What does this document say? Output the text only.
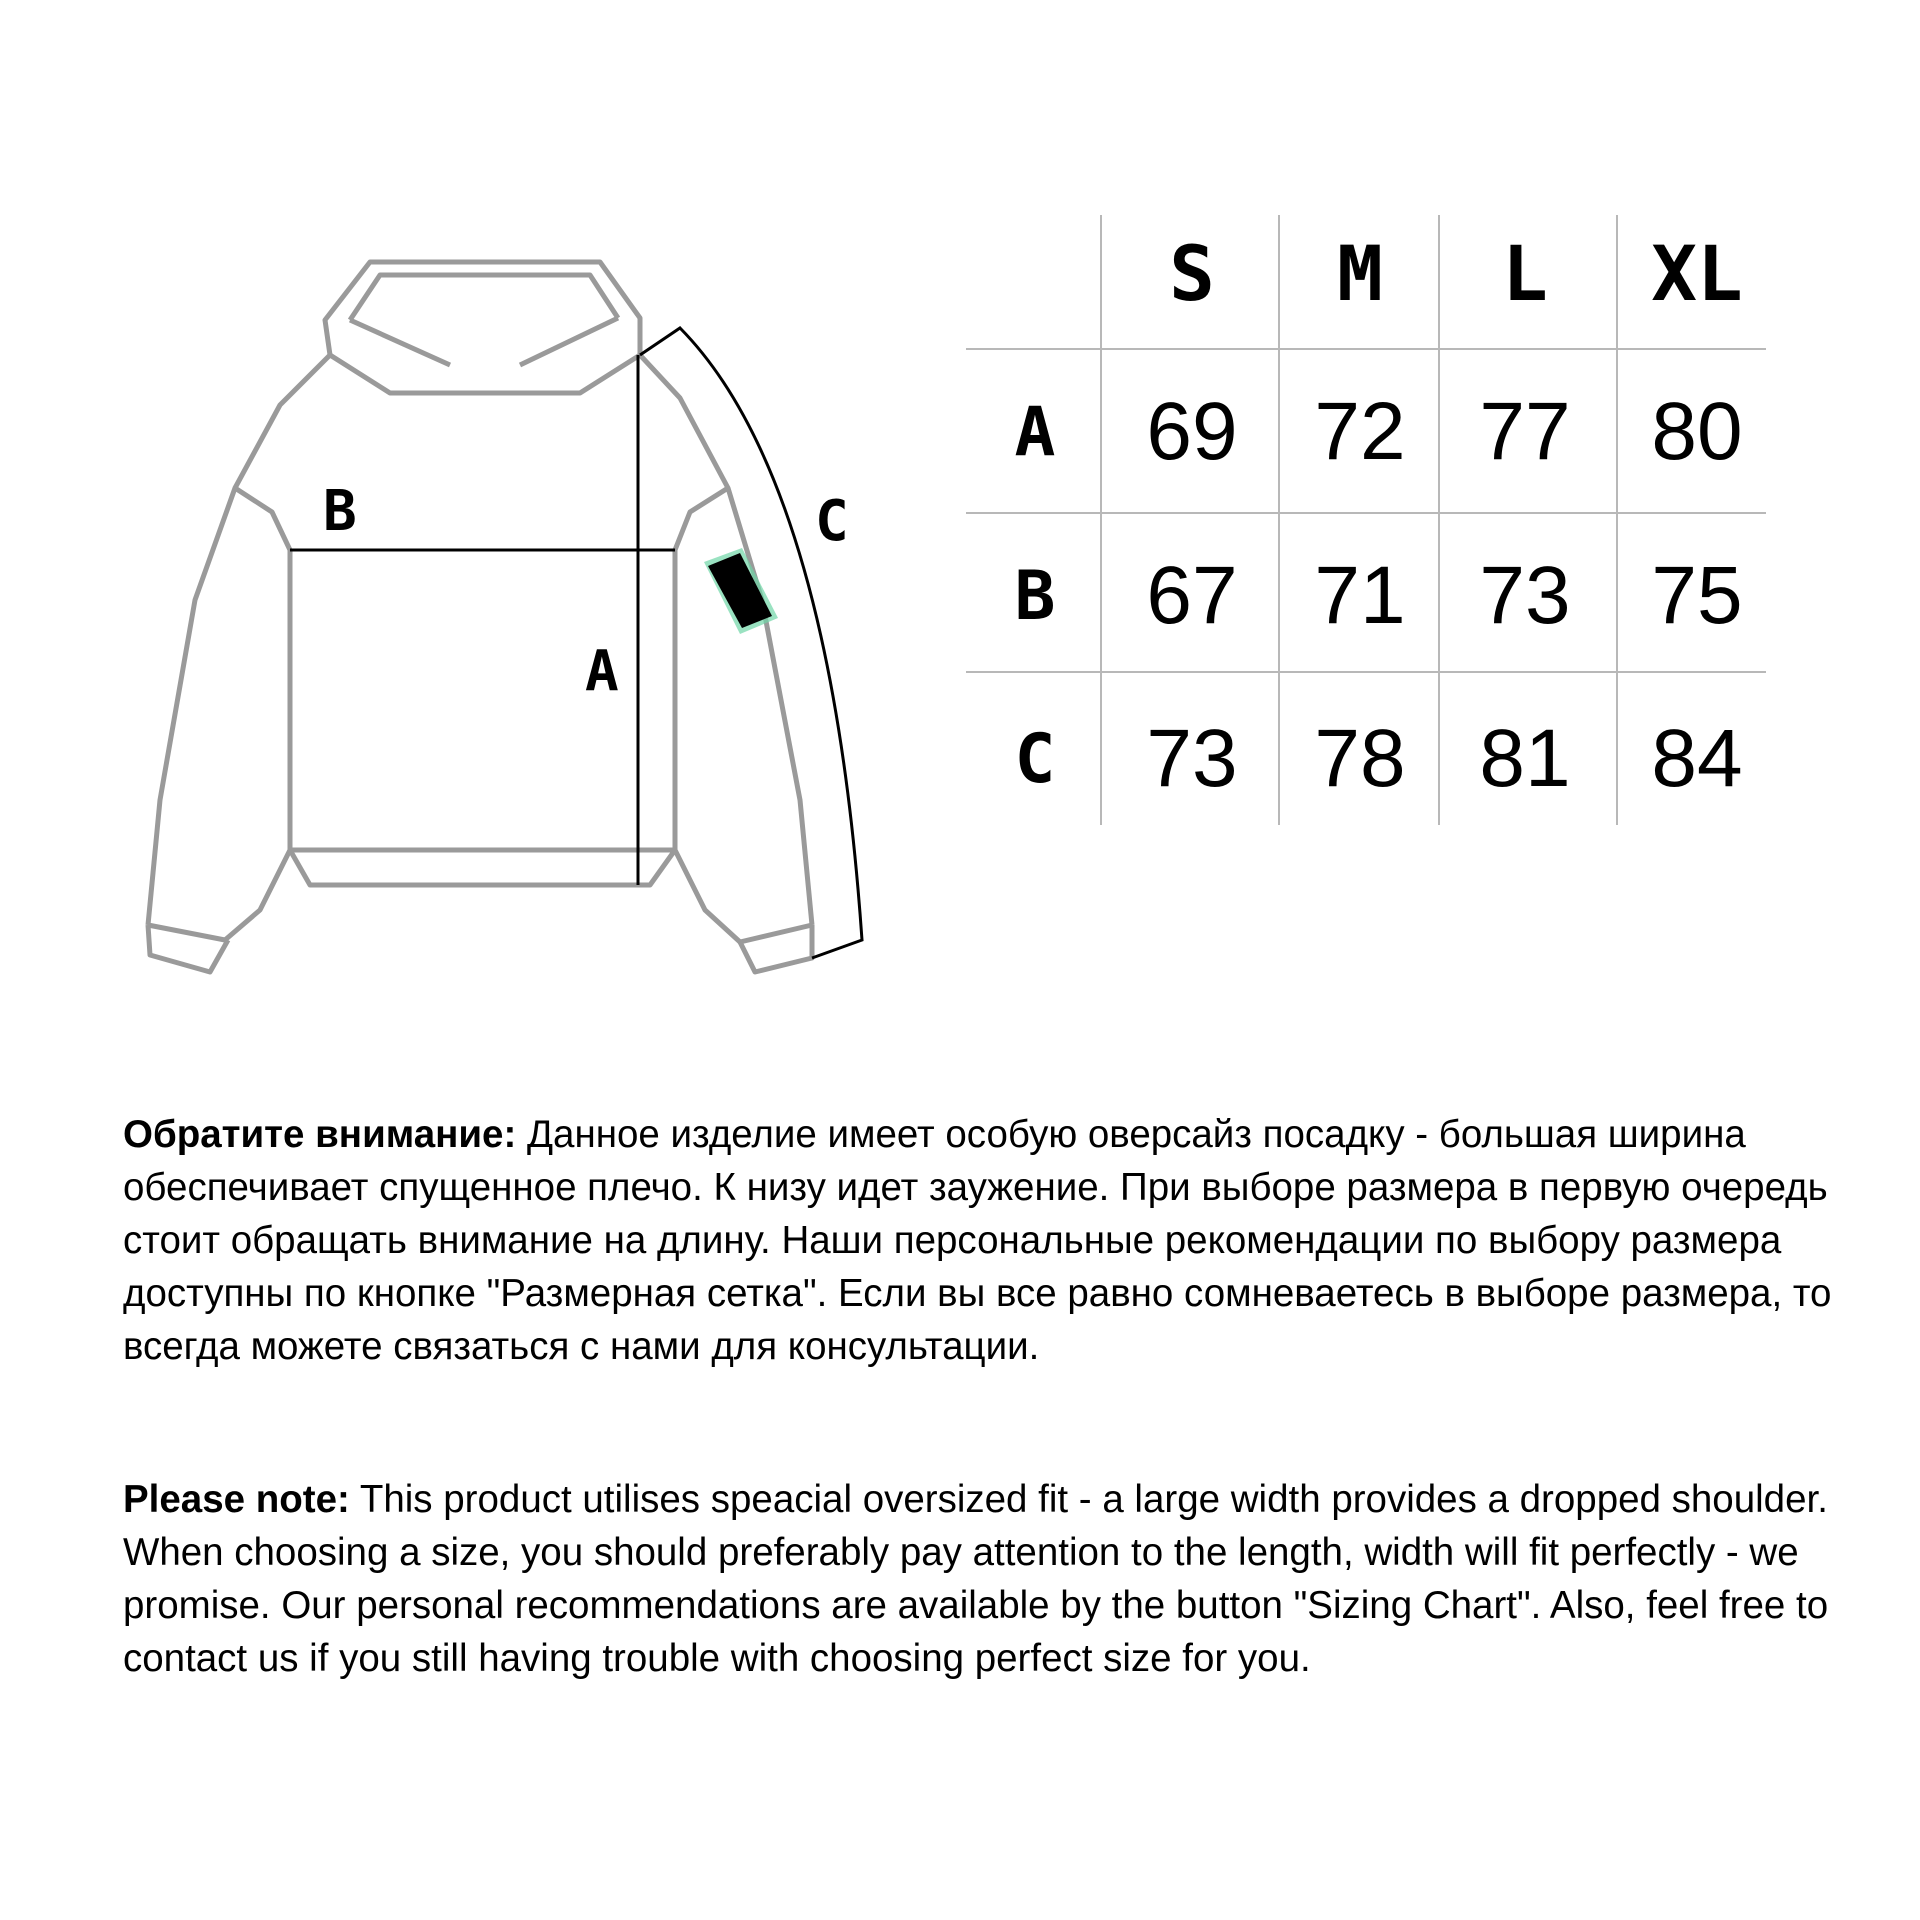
B
A
C
S	M	L	XL
A	69 72 77 80
B	67 71 73 75
C	73 78 81 84
Обратите внимание: Данное изделие имеет особую оверсайз посадку - большая ширина обеспечивает спущенное плечо. К низу идет заужение. При выборе размера в первую очередь стоит обращать внимание на длину. Наши персональные рекомендации по выбору размера доступны по кнопке "Размерная сетка". Если вы все равно сомневаетесь в выборе размера, то всегда можете связаться с нами для консультации.
Please note: This product utilises speacial oversized fit - a large width provides a dropped shoulder. When choosing a size, you should preferably pay attention to the length, width will fit perfectly - we promise. Our personal recommendations are available by the button "Sizing Chart". Also, feel free to contact us if you still having trouble with choosing perfect size for you.
